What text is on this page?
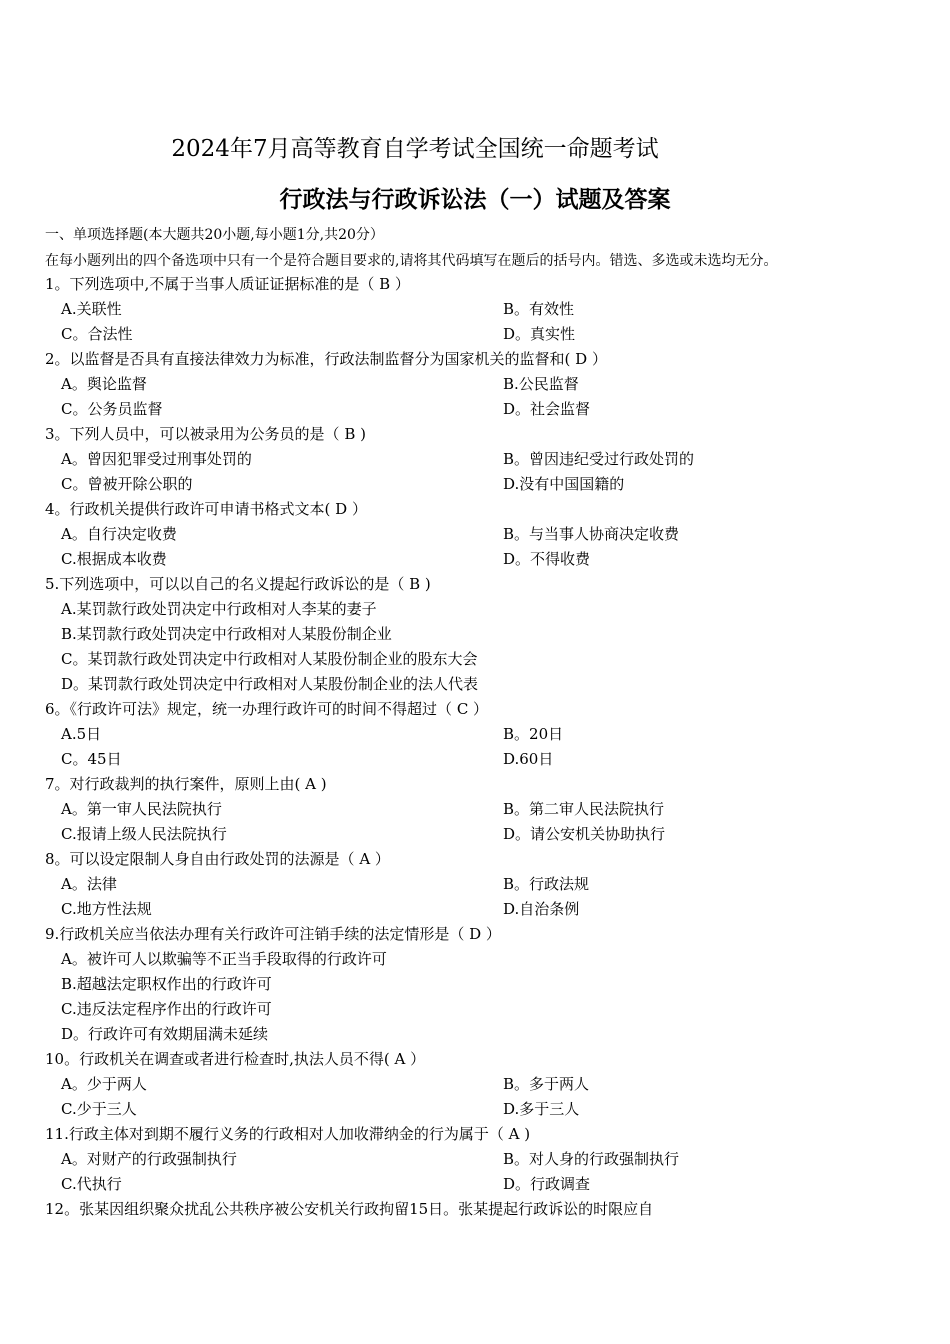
2024年7月高等教育自学考试全国统一命题考试
行政法与行政诉讼法（一）试题及答案
一、单项选择题(本大题共20小题,每小题1分,共20分）
在每小题列出的四个备选项中只有一个是符合题目要求的,请将其代码填写在题后的括号内。错选、多选或未选均无分。
1。下列选项中,不属于当事人质证证据标准的是（ B ）
A.关联性	B。有效性
C。合法性	D。真实性
2。以监督是否具有直接法律效力为标准，行政法制监督分为国家机关的监督和( D ）
A。舆论监督	B.公民监督
C。公务员监督	D。社会监督
3。下列人员中，可以被录用为公务员的是（ B )
A。曾因犯罪受过刑事处罚的	B。曾因违纪受过行政处罚的
C。曾被开除公职的	D.没有中国国籍的
4。行政机关提供行政许可申请书格式文本( D ）
A。自行决定收费	B。与当事人协商决定收费
C.根据成本收费	D。不得收费
5.下列选项中，可以以自己的名义提起行政诉讼的是（ B )
A.某罚款行政处罚决定中行政相对人李某的妻子
B.某罚款行政处罚决定中行政相对人某股份制企业
C。某罚款行政处罚决定中行政相对人某股份制企业的股东大会
D。某罚款行政处罚决定中行政相对人某股份制企业的法人代表
6。《行政许可法》规定，统一办理行政许可的时间不得超过（ C ）
A.5日	B。20日
C。45日	D.60日
7。对行政裁判的执行案件，原则上由( A )
A。第一审人民法院执行	B。第二审人民法院执行
C.报请上级人民法院执行	D。请公安机关协助执行
8。可以设定限制人身自由行政处罚的法源是（ A ）
A。法律	B。行政法规
C.地方性法规	D.自治条例
9.行政机关应当依法办理有关行政许可注销手续的法定情形是（ D ）
A。被许可人以欺骗等不正当手段取得的行政许可
B.超越法定职权作出的行政许可
C.违反法定程序作出的行政许可
D。行政许可有效期届满未延续
10。行政机关在调查或者进行检查时,执法人员不得( A ）
A。少于两人	B。多于两人
C.少于三人	D.多于三人
11.行政主体对到期不履行义务的行政相对人加收滞纳金的行为属于（ A )
A。对财产的行政强制执行	B。对人身的行政强制执行
C.代执行	D。行政调查
12。张某因组织聚众扰乱公共秩序被公安机关行政拘留15日。张某提起行政诉讼的时限应自
